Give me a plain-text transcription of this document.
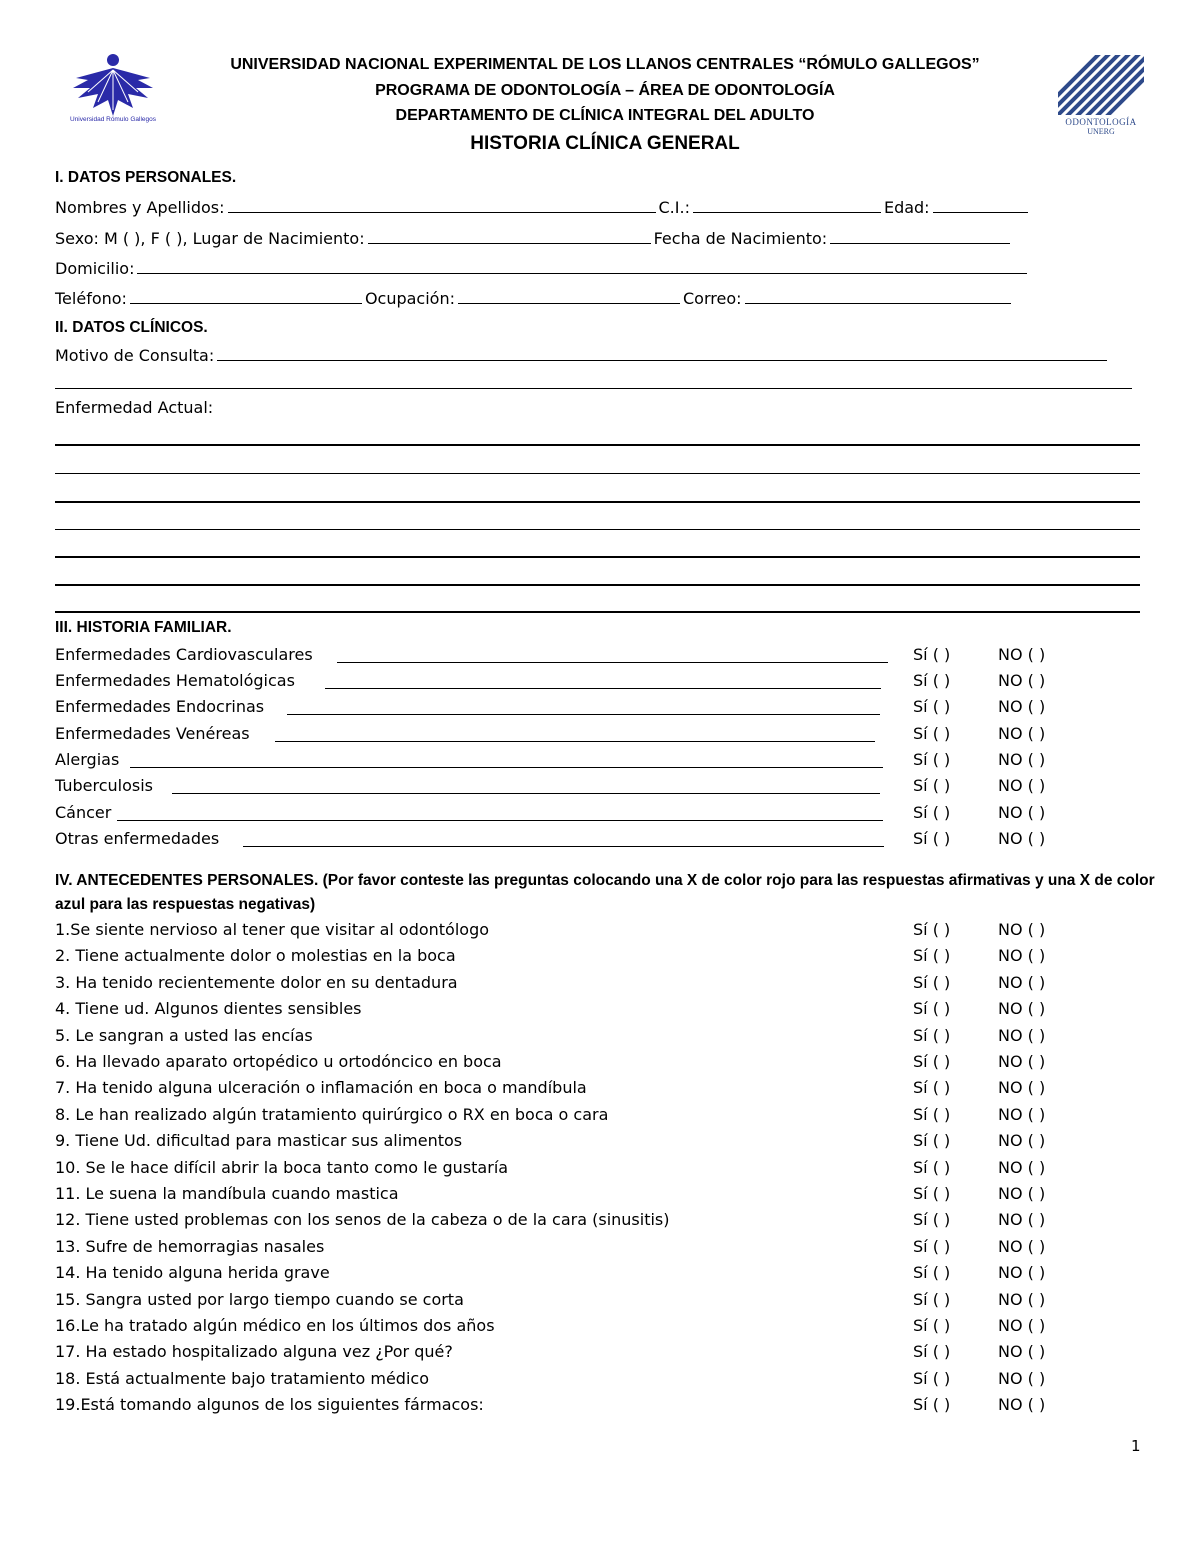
Universidad Rómulo Gallegos	ODONTOLOGÍA
UNERG
UNIVERSIDAD NACIONAL EXPERIMENTAL DE LOS LLANOS CENTRALES “RÓMULO GALLEGOS”
PROGRAMA DE ODONTOLOGÍA – ÁREA DE ODONTOLOGÍA
DEPARTAMENTO DE CLÍNICA INTEGRAL DEL ADULTO
HISTORIA CLÍNICA GENERAL
I. DATOS PERSONALES.
Nombres y Apellidos:	C.I.:	Edad:
Sexo: M ( ), F ( ), Lugar de Nacimiento:	Fecha de Nacimiento:
Domicilio:
Teléfono:	Ocupación:	Correo:
II. DATOS CLÍNICOS.
Motivo de Consulta:
Enfermedad Actual:
III. HISTORIA FAMILIAR.
Enfermedades Cardiovasculares	Sí ( )	NO ( )
Enfermedades Hematológicas	Sí ( )	NO ( )
Enfermedades Endocrinas	Sí ( )	NO ( )
Enfermedades Venéreas	Sí ( )	NO ( )
Alergias	Sí ( )	NO ( )
Tuberculosis	Sí ( )	NO ( )
Cáncer	Sí ( )	NO ( )
Otras enfermedades	Sí ( )	NO ( )
IV. ANTECEDENTES PERSONALES. (Por favor conteste las preguntas colocando una X de color rojo para las respuestas afirmativas y una X de color azul para las respuestas negativas)
1.Se siente nervioso al tener que visitar al odontólogo	Sí ( )	NO ( )
2. Tiene actualmente dolor o molestias en la boca	Sí ( )	NO ( )
3. Ha tenido recientemente dolor en su dentadura	Sí ( )	NO ( )
4. Tiene ud. Algunos dientes sensibles	Sí ( )	NO ( )
5. Le sangran a usted las encías	Sí ( )	NO ( )
6. Ha llevado aparato ortopédico u ortodóncico en boca	Sí ( )	NO ( )
7. Ha tenido alguna ulceración o inflamación en boca o mandíbula	Sí ( )	NO ( )
8. Le han realizado algún tratamiento quirúrgico o RX en boca o cara	Sí ( )	NO ( )
9. Tiene Ud. dificultad para masticar sus alimentos	Sí ( )	NO ( )
10. Se le hace difícil abrir la boca tanto como le gustaría	Sí ( )	NO ( )
11. Le suena la mandíbula cuando mastica	Sí ( )	NO ( )
12. Tiene usted problemas con los senos de la cabeza o de la cara (sinusitis)	Sí ( )	NO ( )
13. Sufre de hemorragias nasales	Sí ( )	NO ( )
14. Ha tenido alguna herida grave	Sí ( )	NO ( )
15. Sangra usted por largo tiempo cuando se corta	Sí ( )	NO ( )
16.Le ha tratado algún médico en los últimos dos años	Sí ( )	NO ( )
17. Ha estado hospitalizado alguna vez ¿Por qué?	Sí ( )	NO ( )
18. Está actualmente bajo tratamiento médico	Sí ( )	NO ( )
19.Está tomando algunos de los siguientes fármacos:	Sí ( )	NO ( )
1
